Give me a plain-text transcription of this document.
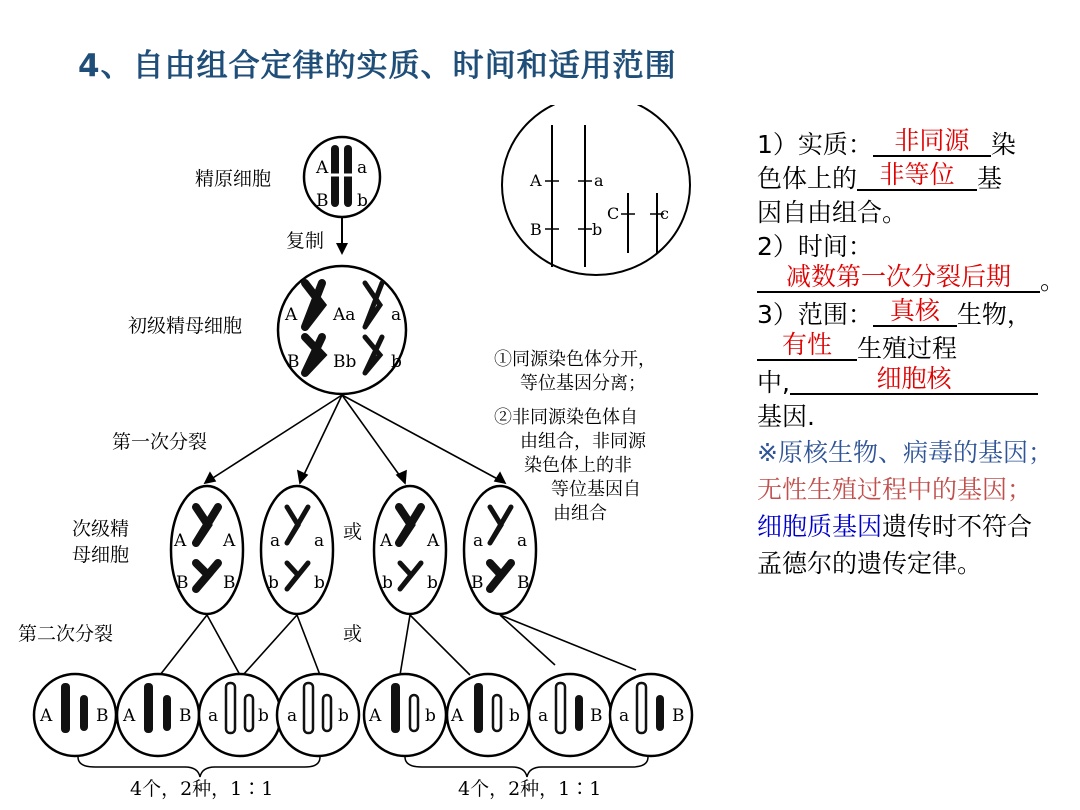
4、自由组合定律的实质、时间和适用范围
A a
B b
精原细胞
复制
A Aa a
B Bb b
初级精母细胞
第一次分裂
A A
B B
a a
b b
A A
b b
a a
B B
次级精
母细胞
或
第二次分裂	或
A	B A	B a b a b A	b A	b a B a	B
4个，2种，1∶1	4个，2种，1∶1
A	a
B	b
C	c
①同源染色体分开，
等位基因分离；
②非同源染色体自
由组合，非同源
染色体上的非
等位基因自
由组合
1）实质： 非同源 染
色体上的 非等位 基
因自由组合。
2）时间：
减数第一次分裂后期 。
3）范围： 真核 生物，
有性 生殖过程
中,	细胞核
基因.
※原核生物、病毒的基因；无性生殖过程中的基因；细胞质基因遗传时不符合孟德尔的遗传定律。
